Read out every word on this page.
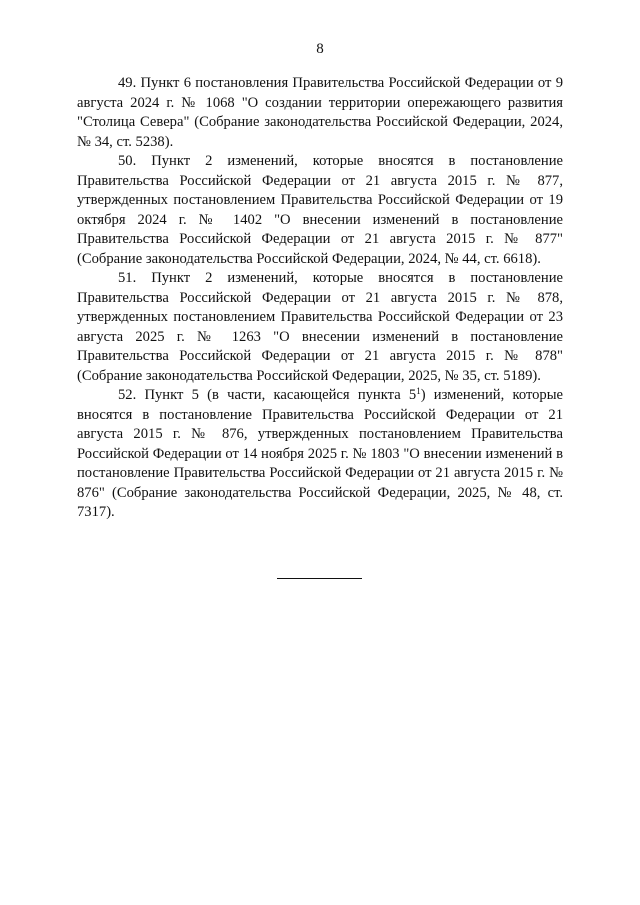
8

49. Пункт 6 постановления Правительства Российской Федерации от 9 августа 2024 г. № 1068 "О создании территории опережающего развития "Столица Севера" (Собрание законодательства Российской Федерации, 2024, № 34, ст. 5238).

50. Пункт 2 изменений, которые вносятся в постановление Правительства Российской Федерации от 21 августа 2015 г. № 877, утвержденных постановлением Правительства Российской Федерации от 19 октября 2024 г. № 1402 "О внесении изменений в постановление Правительства Российской Федерации от 21 августа 2015 г. № 877" (Собрание законодательства Российской Федерации, 2024, № 44, ст. 6618).

51. Пункт 2 изменений, которые вносятся в постановление Правительства Российской Федерации от 21 августа 2015 г. № 878, утвержденных постановлением Правительства Российской Федерации от 23 августа 2025 г. № 1263 "О внесении изменений в постановление Правительства Российской Федерации от 21 августа 2015 г. № 878" (Собрание законодательства Российской Федерации, 2025, № 35, ст. 5189).

52. Пункт 5 (в части, касающейся пункта $5^1$) изменений, которые вносятся в постановление Правительства Российской Федерации от 21 августа 2015 г. № 876, утвержденных постановлением Правительства Российской Федерации от 14 ноября 2025 г. № 1803 "О внесении изменений в постановление Правительства Российской Федерации от 21 августа 2015 г. № 876" (Собрание законодательства Российской Федерации, 2025, № 48, ст. 7317).
